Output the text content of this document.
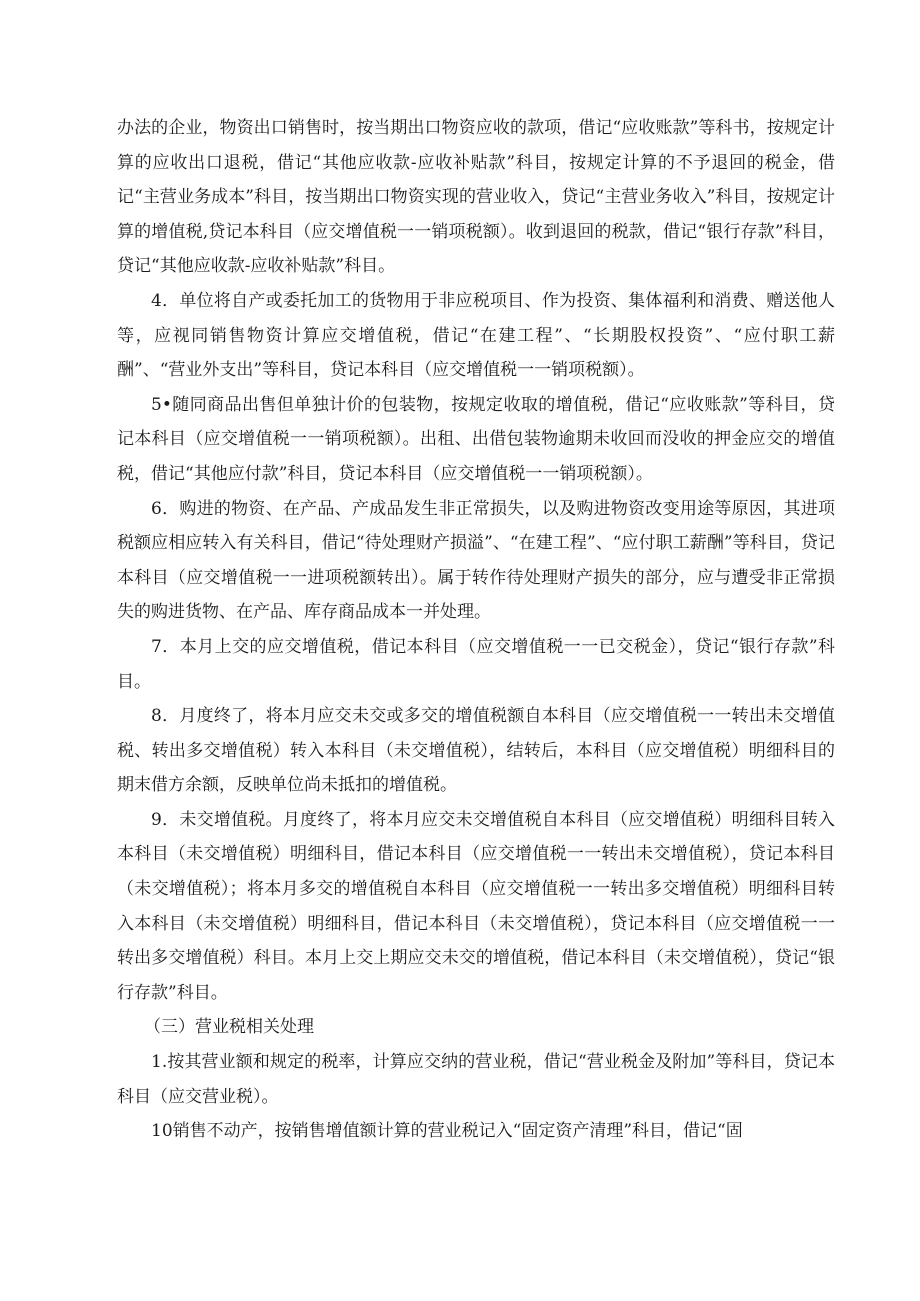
办法的企业，物资出口销售时，按当期出口物资应收的款项，借记“应收账款”等科书，按规定计算的应收出口退税，借记“其他应收款-应收补贴款”科目，按规定计算的不予退回的税金，借记“主营业务成本”科目，按当期出口物资实现的营业收入，贷记“主营业务收入”科目，按规定计算的增值税,贷记本科目（应交增值税一一销项税额）。收到退回的税款，借记“银行存款”科目，贷记“其他应收款-应收补贴款”科目。

4．单位将自产或委托加工的货物用于非应税项目、作为投资、集体福利和消费、赠送他人等，应视同销售物资计算应交增值税，借记“在建工程”、“长期股权投资”、“应付职工薪酬”、“营业外支出”等科目，贷记本科目（应交增值税一一销项税额）。

5•随同商品出售但单独计价的包装物，按规定收取的增值税，借记“应收账款”等科目，贷记本科目（应交增值税一一销项税额）。出租、出借包装物逾期未收回而没收的押金应交的增值税，借记“其他应付款”科目，贷记本科目（应交增值税一一销项税额）。

6．购进的物资、在产品、产成品发生非正常损失，以及购进物资改变用途等原因，其进项税额应相应转入有关科目，借记“待处理财产损溢”、“在建工程”、“应付职工薪酬”等科目，贷记本科目（应交增值税一一进项税额转出）。属于转作待处理财产损失的部分，应与遭受非正常损失的购进货物、在产品、库存商品成本一并处理。

7．本月上交的应交增值税，借记本科目（应交增值税一一已交税金），贷记“银行存款”科目。

8．月度终了，将本月应交未交或多交的增值税额自本科目（应交增值税一一转出未交增值税、转出多交增值税）转入本科目（未交增值税），结转后，本科目（应交增值税）明细科目的期末借方余额，反映单位尚未抵扣的增值税。

9．未交增值税。月度终了，将本月应交未交增值税自本科目（应交增值税）明细科目转入本科目（未交增值税）明细科目，借记本科目（应交增值税一一转出未交增值税），贷记本科目（未交增值税）；将本月多交的增值税自本科目（应交增值税一一转出多交增值税）明细科目转入本科目（未交增值税）明细科目，借记本科目（未交增值税），贷记本科目（应交增值税一一转出多交增值税）科目。本月上交上期应交未交的增值税，借记本科目（未交增值税），贷记“银行存款”科目。

（三）营业税相关处理

1.按其营业额和规定的税率，计算应交纳的营业税，借记“营业税金及附加”等科目，贷记本科目（应交营业税）。

10销售不动产，按销售增值额计算的营业税记入“固定资产清理”科目，借记“固
